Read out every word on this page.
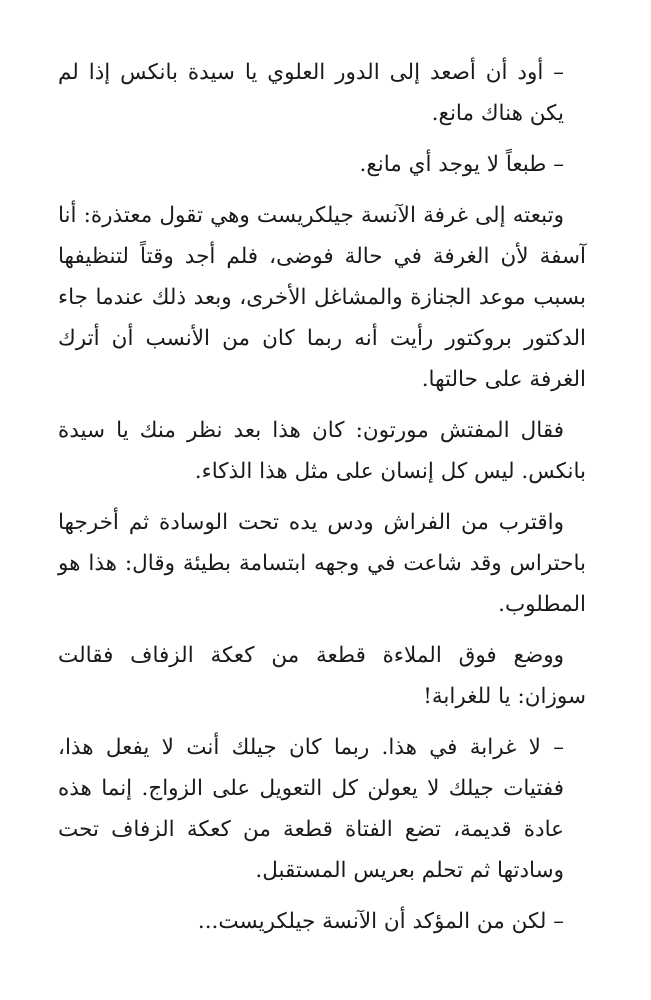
– أود أن أصعد إلى الدور العلوي يا سيدة بانكس إذا لم يكن هناك مانع.

– طبعاً لا يوجد أي مانع.

وتبعته إلى غرفة الآنسة جيلكريست وهي تقول معتذرة: أنا آسفة لأن الغرفة في حالة فوضى، فلم أجد وقتاً لتنظيفها بسبب موعد الجنازة والمشاغل الأخرى، وبعد ذلك عندما جاء الدكتور بروكتور رأيت أنه ربما كان من الأنسب أن أترك الغرفة على حالتها.

فقال المفتش مورتون: كان هذا بعد نظر منك يا سيدة بانكس. ليس كل إنسان على مثل هذا الذكاء.

واقترب من الفراش ودس يده تحت الوسادة ثم أخرجها باحتراس وقد شاعت في وجهه ابتسامة بطيئة وقال: هذا هو المطلوب.

ووضع فوق الملاءة قطعة من كعكة الزفاف فقالت سوزان: يا للغرابة!

– لا غرابة في هذا. ربما كان جيلك أنت لا يفعل هذا، ففتيات جيلك لا يعولن كل التعويل على الزواج. إنما هذه عادة قديمة، تضع الفتاة قطعة من كعكة الزفاف تحت وسادتها ثم تحلم بعريس المستقبل.

– لكن من المؤكد أن الآنسة جيلكريست...
